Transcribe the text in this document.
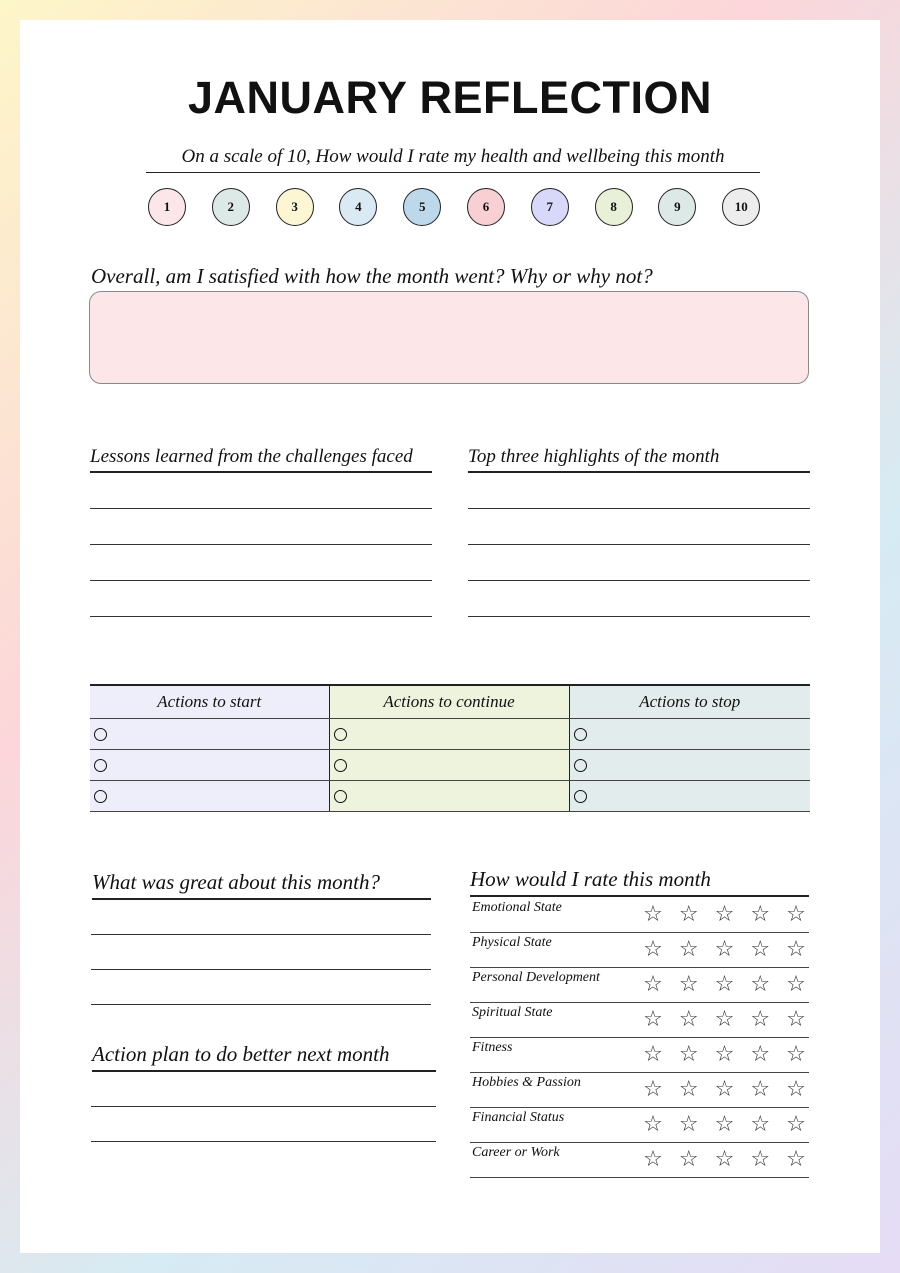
JANUARY REFLECTION
On a scale of 10, How would I rate my health and wellbeing this month
1	2	3	4	5	6	7	8	9	10
Overall, am I satisfied with how the month went? Why or why not?
Lessons learned from the challenges faced	Top three highlights of the month
Actions to start	Actions to continue	Actions to stop

What was great about this month?
Action plan to do better next month
How would I rate this month
Emotional State	☆ ☆ ☆ ☆ ☆
Physical State	☆ ☆ ☆ ☆ ☆
Personal Development	☆ ☆ ☆ ☆ ☆
Spiritual State	☆ ☆ ☆ ☆ ☆
Fitness	☆ ☆ ☆ ☆ ☆
Hobbies & Passion	☆ ☆ ☆ ☆ ☆
Financial Status	☆ ☆ ☆ ☆ ☆
Career or Work	☆ ☆ ☆ ☆ ☆
